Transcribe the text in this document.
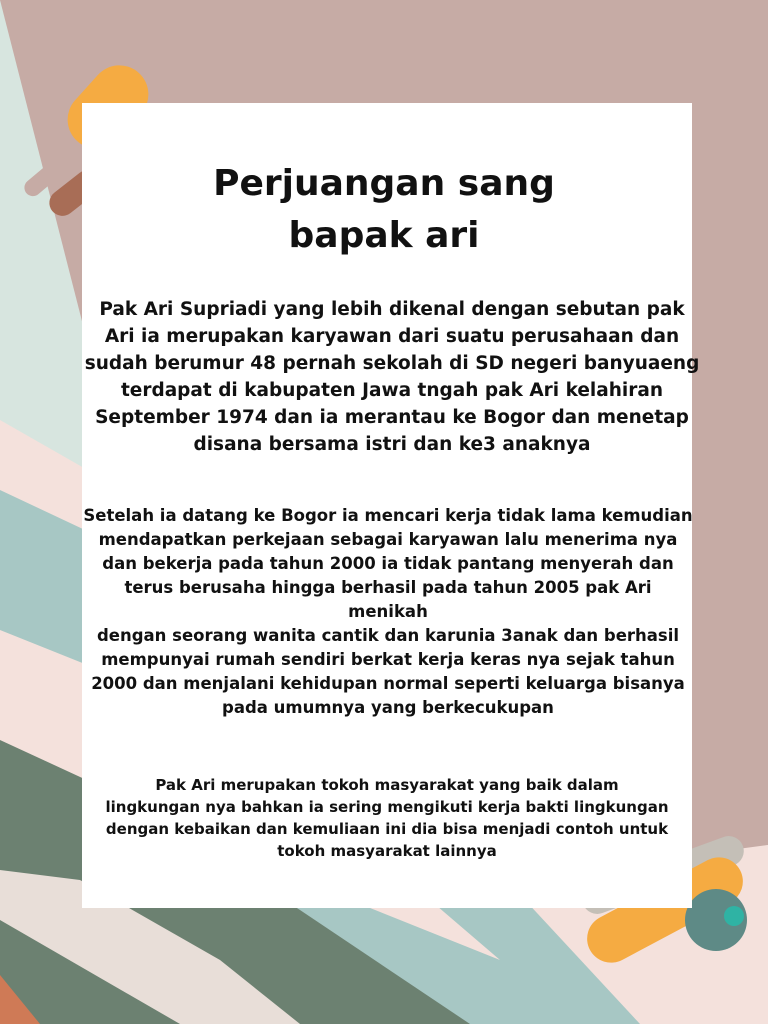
Perjuangan sang
bapak ari
Pak Ari Supriadi yang lebih dikenal dengan sebutan pak
Ari ia merupakan karyawan dari suatu perusahaan dan
sudah berumur 48 pernah sekolah di SD negeri banyuaeng
terdapat di kabupaten Jawa tngah pak Ari kelahiran
September 1974 dan ia merantau ke Bogor dan menetap
disana bersama istri dan ke3 anaknya
Setelah ia datang ke Bogor ia mencari kerja tidak lama kemudian
mendapatkan perkejaan sebagai karyawan lalu menerima nya
dan bekerja pada tahun 2000 ia tidak pantang menyerah dan
terus berusaha hingga berhasil pada tahun 2005 pak Ari menikah
dengan seorang wanita cantik dan karunia 3anak dan berhasil
mempunyai rumah sendiri berkat kerja keras nya sejak tahun
2000 dan menjalani kehidupan normal seperti keluarga bisanya
pada umumnya yang berkecukupan
Pak Ari merupakan tokoh masyarakat yang baik dalam
lingkungan nya bahkan ia sering mengikuti kerja bakti lingkungan
dengan kebaikan dan kemuliaan ini dia bisa menjadi contoh untuk
tokoh masyarakat lainnya
